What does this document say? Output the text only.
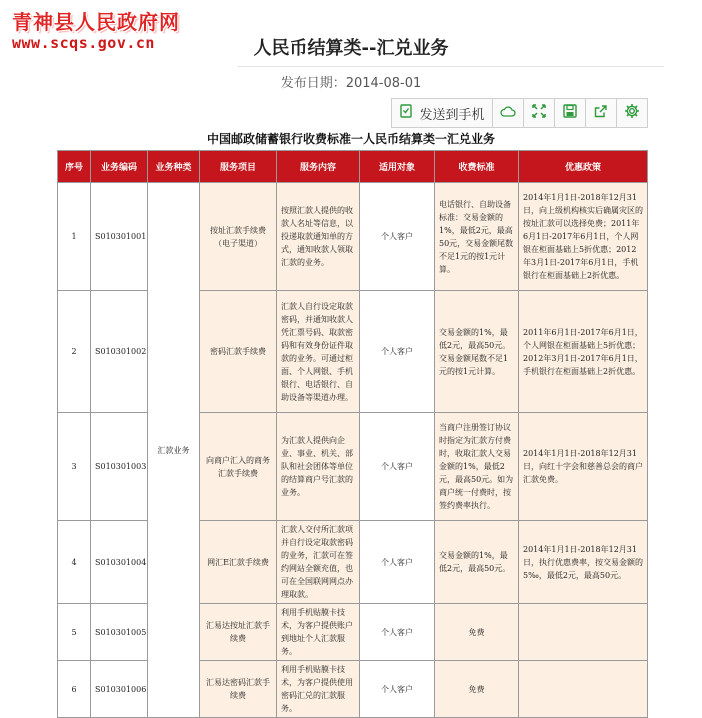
青神县人民政府网
www.scqs.gov.cn	人民币结算类--汇兑业务
发布日期：2014-08-01
发送到手机
中国邮政储蓄银行收费标准一人民币结算类一汇兑业务
序号	业务编码	业务种类	服务项目	服务内容	适用对象	收费标准	优惠政策
1	S010301001	汇款业务	按址汇款手续费（电子渠道）	按照汇款人提供的收款人名址等信息，以投递取款通知单的方式，通知收款人领取汇款的业务。	个人客户	电话银行、自助设备标准：交易金额的1%，最低2元，最高50元，交易金额尾数不足1元的按1元计算。	2014年1月1日-2018年12月31日，向上级机构核实后确属灾区的按址汇款可以选择免费；2011年6月1日-2017年6月1日，个人网银在柜面基础上5折优惠；2012年3月1日-2017年6月1日，手机银行在柜面基础上2折优惠。
2	S010301002		密码汇款手续费	汇款人自行设定取款密码，并通知收款人凭汇票号码、取款密码和有效身份证件取款的业务。可通过柜面、个人网银、手机银行、电话银行、自助设备等渠道办理。	个人客户	交易金额的1%，最低2元，最高50元。交易金额尾数不足1元的按1元计算。	2011年6月1日-2017年6月1日，个人网银在柜面基础上5折优惠；2012年3月1日-2017年6月1日，手机银行在柜面基础上2折优惠。
3	S010301003		向商户汇入的商务汇款手续费	为汇款人提供向企业、事业、机关、部队和社会团体等单位的结算商户号汇款的业务。	个人客户	当商户注册签订协议时指定为汇款方付费时，收取汇款人交易金额的1%，最低2元，最高50元。如为商户统一付费时，按签约费率执行。	2014年1月1日-2018年12月31日，向红十字会和慈善总会的商户汇款免费。
4	S010301004		网汇E汇款手续费	汇款人交付所汇款项并自行设定取款密码的业务，汇款可在签约网站全额充值，也可在全国联网网点办理取款。	个人客户	交易金额的1%，最低2元，最高50元。	2014年1月1日-2018年12月31日，执行优惠费率，按交易金额的5‰，最低2元，最高50元。
5	S010301005		汇易达按址汇款手续费	利用手机贴膜卡技术，为客户提供账户到地址个人汇款服务。	个人客户	免费	
6	S010301006		汇易达密码汇款手续费	利用手机贴膜卡技术，为客户提供使用密码汇兑的汇款服务。	个人客户	免费	
